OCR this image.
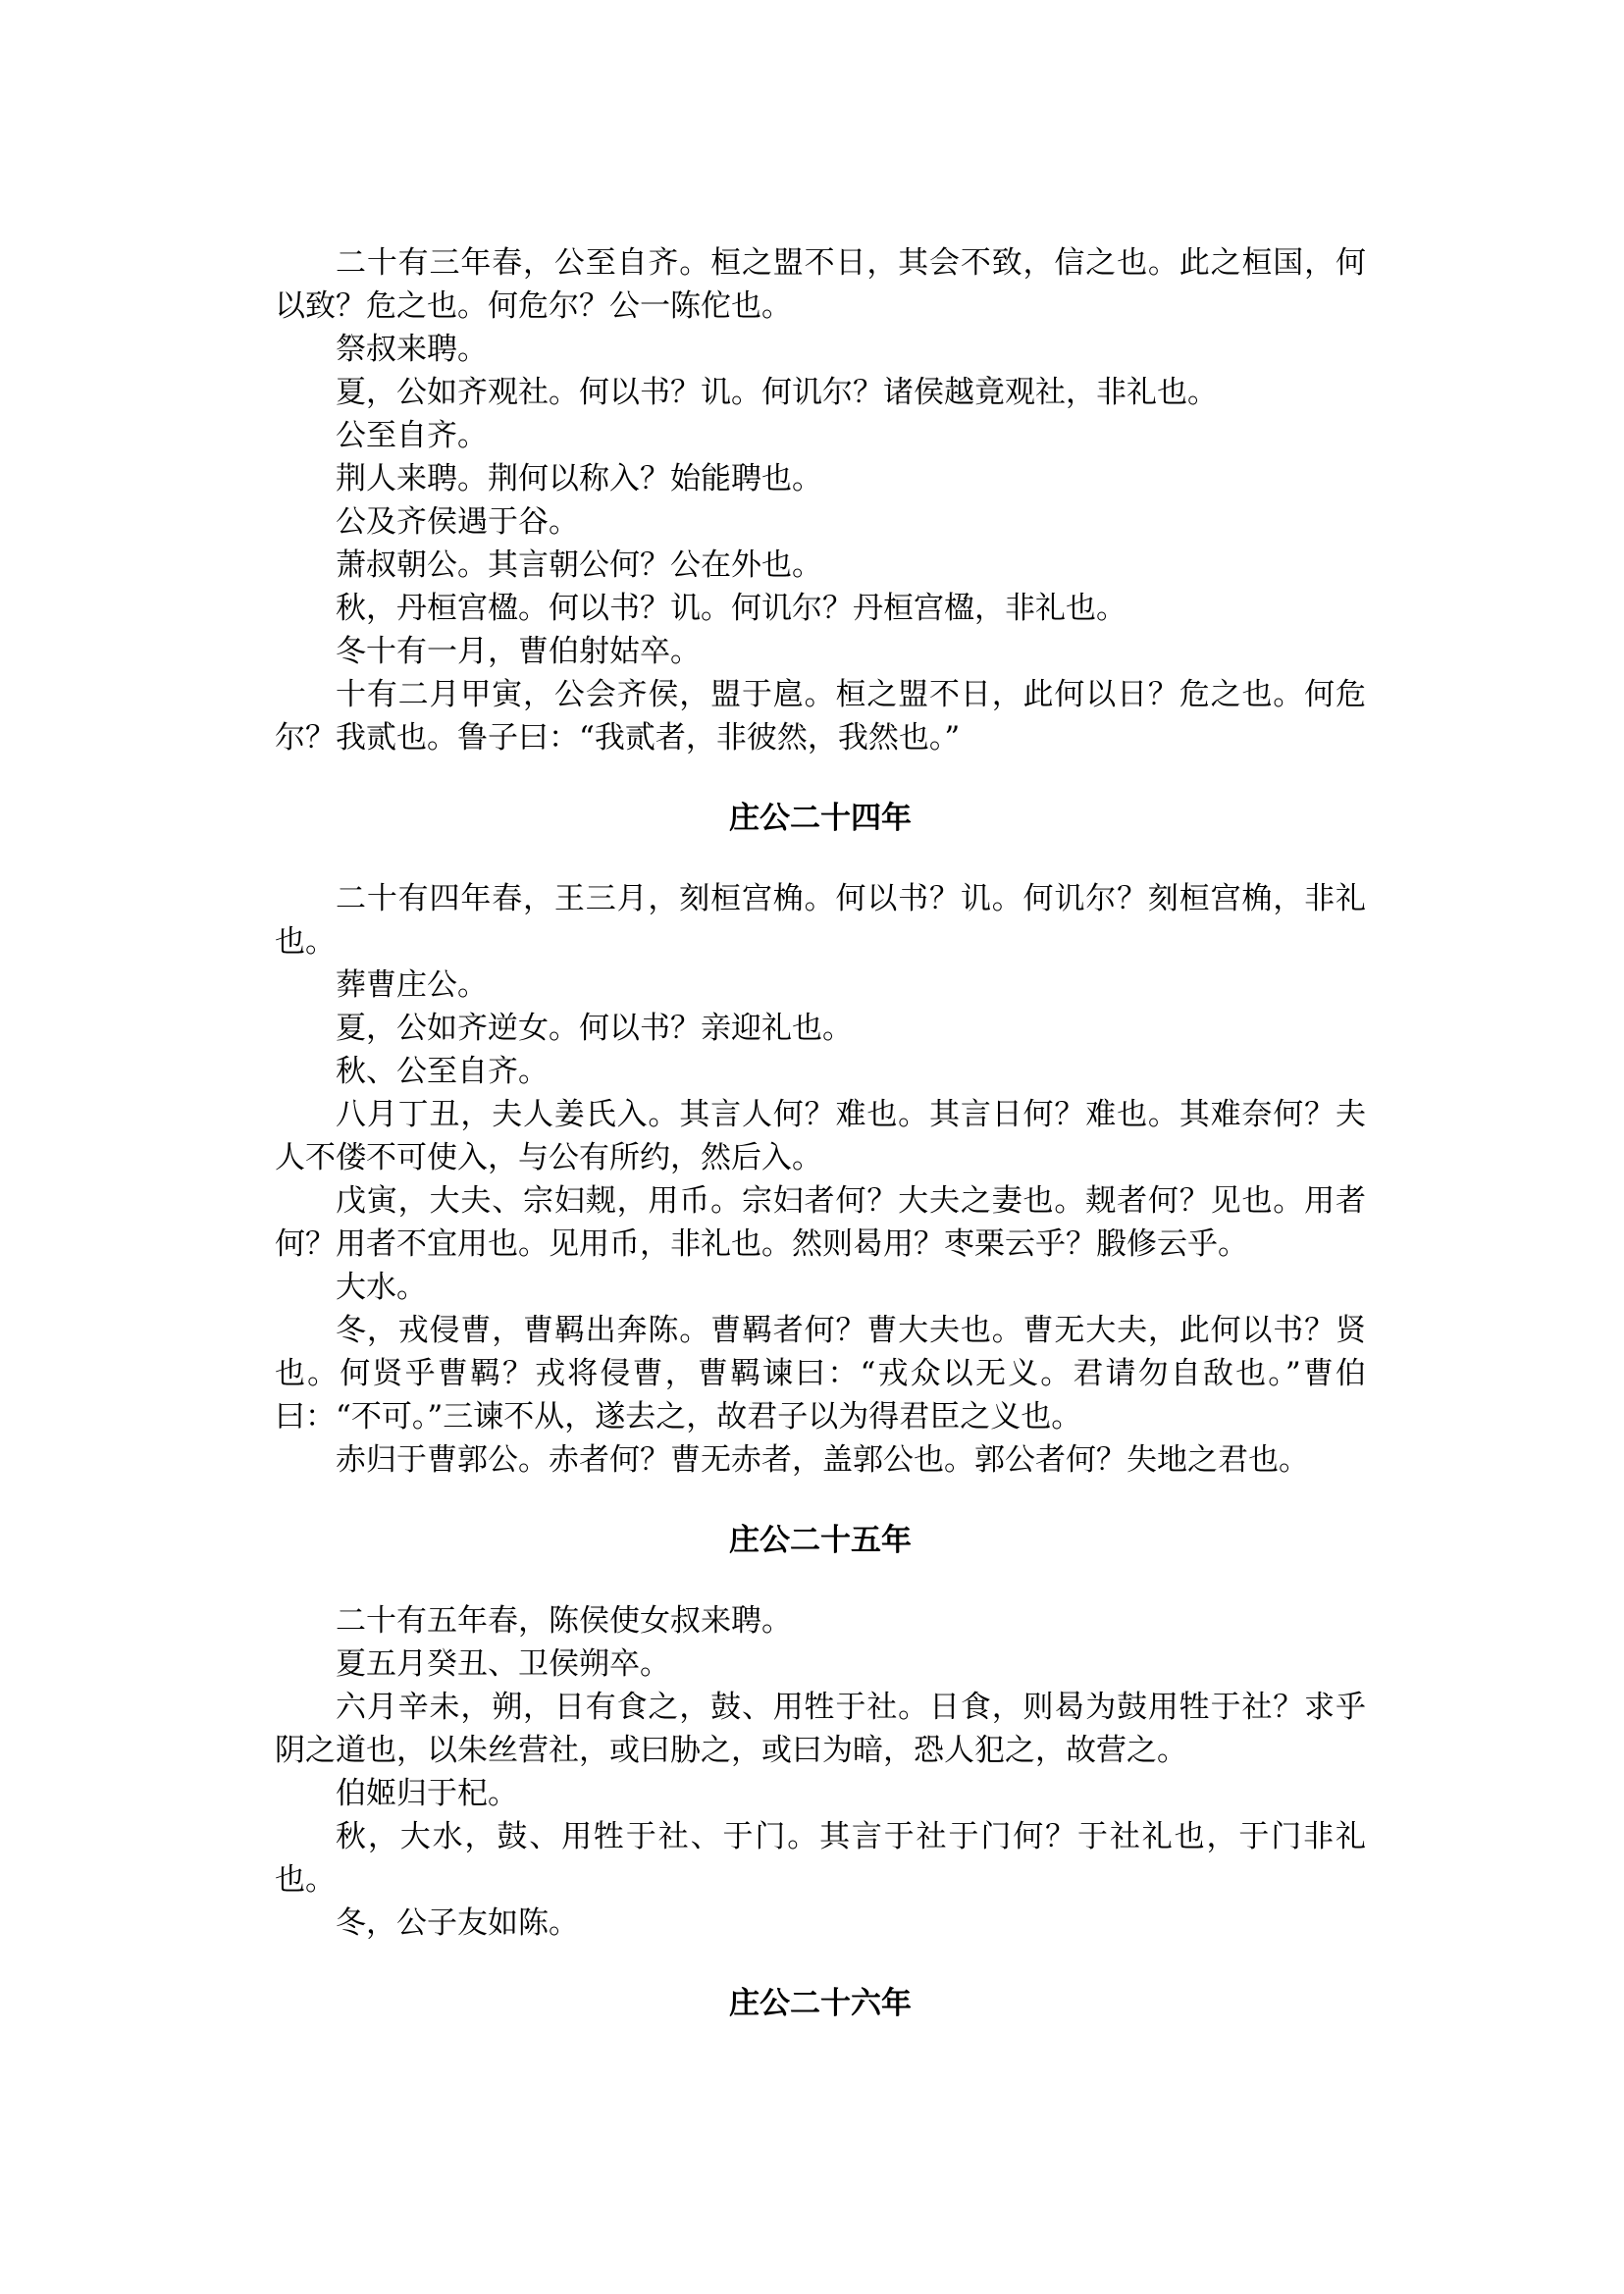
二十有三年春，公至自齐。桓之盟不日，其会不致，信之也。此之桓国，何以致？危之也。何危尔？公一陈佗也。

祭叔来聘。

夏，公如齐观社。何以书？讥。何讥尔？诸侯越竟观社，非礼也。

公至自齐。

荆人来聘。荆何以称入？始能聘也。

公及齐侯遇于谷。

萧叔朝公。其言朝公何？公在外也。

秋，丹桓宫楹。何以书？讥。何讥尔？丹桓宫楹，非礼也。

冬十有一月，曹伯射姑卒。

十有二月甲寅，公会齐侯，盟于扈。桓之盟不日，此何以日？危之也。何危尔？我贰也。鲁子曰：“我贰者，非彼然，我然也。”

庄公二十四年

二十有四年春，王三月，刻桓宫桷。何以书？讥。何讥尔？刻桓宫桷，非礼也。

葬曹庄公。

夏，公如齐逆女。何以书？亲迎礼也。

秋、公至自齐。

八月丁丑，夫人姜氏入。其言人何？难也。其言日何？难也。其难奈何？夫人不偻不可使入，与公有所约，然后入。

戊寅，大夫、宗妇觌，用币。宗妇者何？大夫之妻也。觌者何？见也。用者何？用者不宜用也。见用币，非礼也。然则曷用？枣栗云乎？腶修云乎。

大水。

冬，戎侵曹，曹羁出奔陈。曹羁者何？曹大夫也。曹无大夫，此何以书？贤也。何贤乎曹羁？戎将侵曹，曹羁谏曰：“戎众以无义。君请勿自敌也。”曹伯曰：“不可。”三谏不从，遂去之，故君子以为得君臣之义也。

赤归于曹郭公。赤者何？曹无赤者，盖郭公也。郭公者何？失地之君也。

庄公二十五年

二十有五年春，陈侯使女叔来聘。

夏五月癸丑、卫侯朔卒。

六月辛未，朔，日有食之，鼓、用牲于社。日食，则曷为鼓用牲于社？求乎阴之道也，以朱丝营社，或曰胁之，或曰为暗，恐人犯之，故营之。

伯姬归于杞。

秋，大水，鼓、用牲于社、于门。其言于社于门何？于社礼也，于门非礼也。

冬，公子友如陈。

庄公二十六年
